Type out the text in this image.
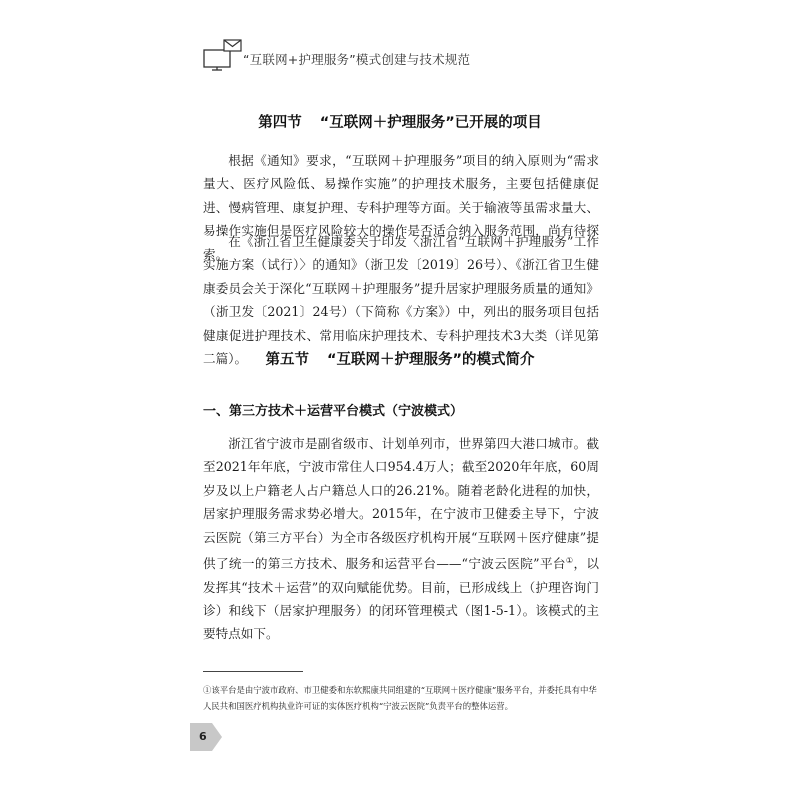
“互联网+护理服务”模式创建与技术规范
第四节 “互联网＋护理服务”已开展的项目

根据《通知》要求，“互联网＋护理服务”项目的纳入原则为“需求量大、医疗风险低、易操作实施”的护理技术服务，主要包括健康促进、慢病管理、康复护理、专科护理等方面。关于输液等虽需求量大、易操作实施但是医疗风险较大的操作是否适合纳入服务范围，尚有待探索。

在《浙江省卫生健康委关于印发〈浙江省“互联网＋护理服务”工作实施方案（试行）〉的通知》（浙卫发〔2019〕26号）、《浙江省卫生健康委员会关于深化“互联网＋护理服务”提升居家护理服务质量的通知》（浙卫发〔2021〕24号）（下简称《方案》）中，列出的服务项目包括健康促进护理技术、常用临床护理技术、专科护理技术3大类（详见第二篇）。	第五节 “互联网＋护理服务”的模式简介
一、第三方技术＋运营平台模式（宁波模式）

浙江省宁波市是副省级市、计划单列市，世界第四大港口城市。截至2021年年底，宁波市常住人口954.4万人；截至2020年年底，60周岁及以上户籍老人占户籍总人口的26.21%。随着老龄化进程的加快，居家护理服务需求势必增大。2015年，在宁波市卫健委主导下，宁波云医院（第三方平台）为全市各级医疗机构开展“互联网＋医疗健康”提供了统一的第三方技术、服务和运营平台——“宁波云医院”平台①，以发挥其“技术＋运营”的双向赋能优势。目前，已形成线上（护理咨询门诊）和线下（居家护理服务）的闭环管理模式（图1-5-1）。该模式的主要特点如下。

①该平台是由宁波市政府、市卫健委和东软熙康共同组建的“互联网＋医疗健康”服务平台，并委托具有中华人民共和国医疗机构执业许可证的实体医疗机构“宁波云医院”负责平台的整体运营。

6
